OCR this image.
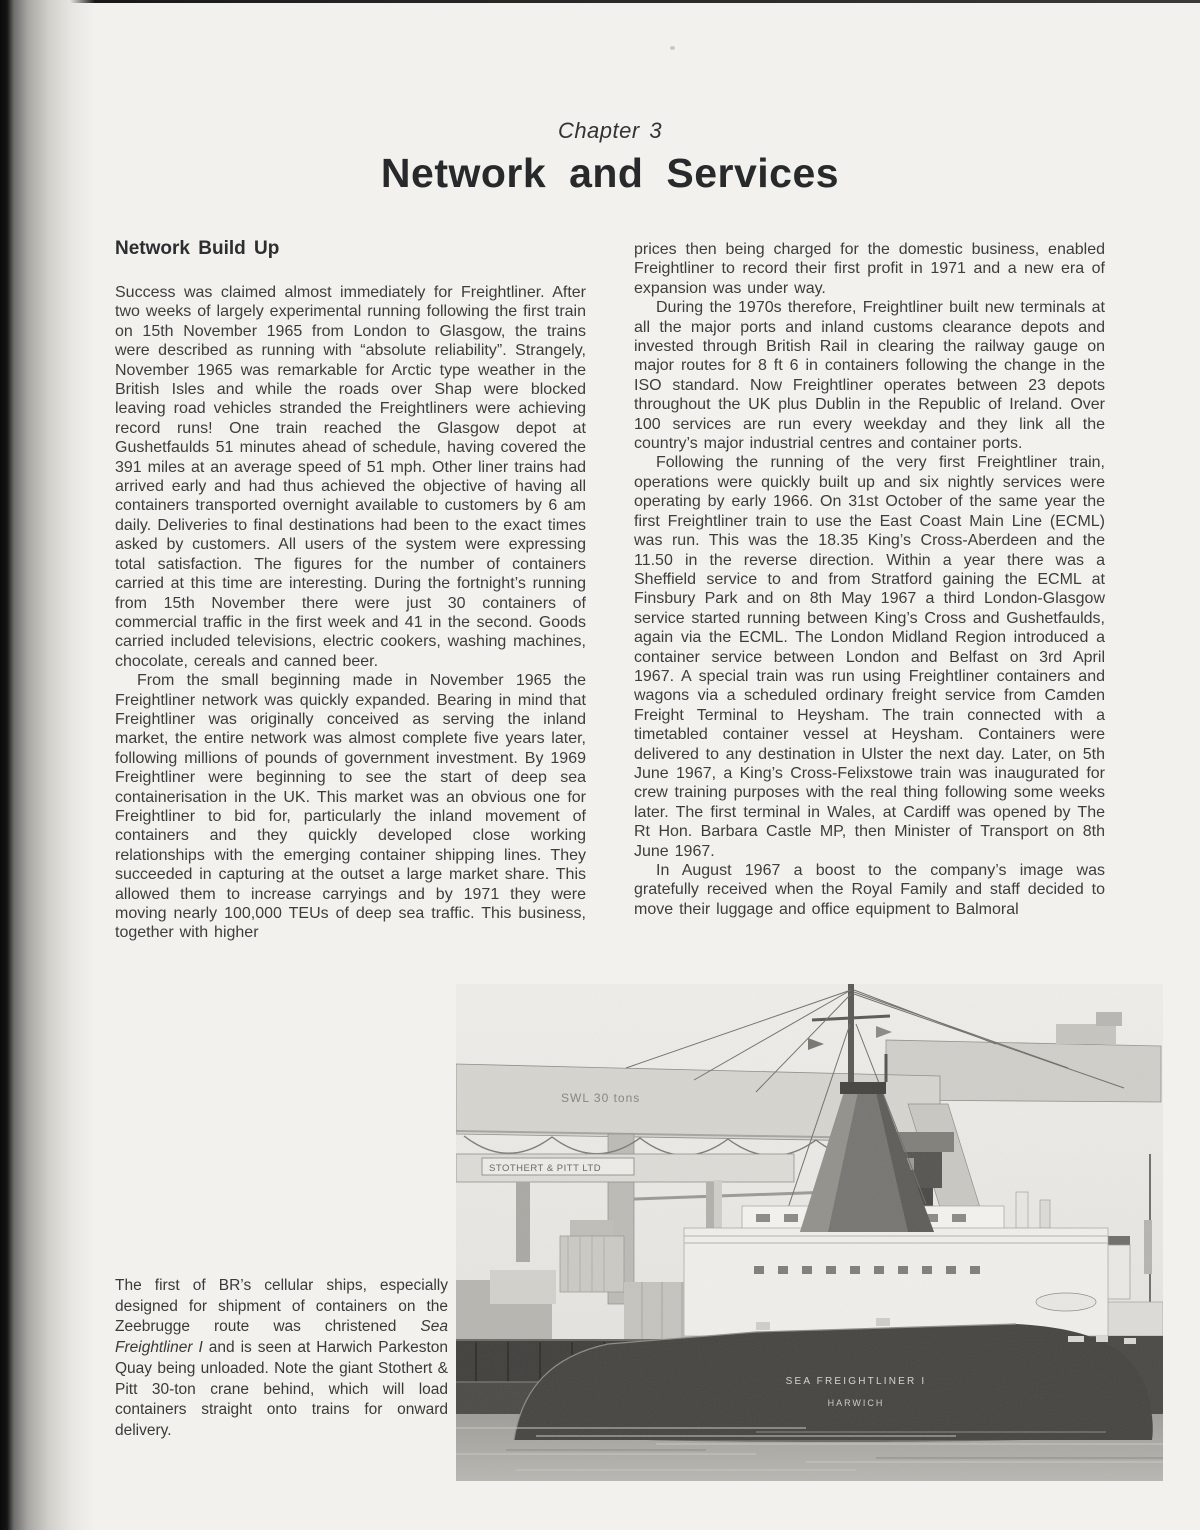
Chapter 3
Network and Services
Network Build Up

Success was claimed almost immediately for Freightliner. After two weeks of largely experimental running following the first train on 15th November 1965 from London to Glasgow, the trains were described as running with “absolute reliability”. Strangely, November 1965 was remarkable for Arctic type weather in the British Isles and while the roads over Shap were blocked leaving road vehicles stranded the Freightliners were achieving record runs! One train reached the Glasgow depot at Gushetfaulds 51 minutes ahead of schedule, having covered the 391 miles at an average speed of 51 mph. Other liner trains had arrived early and had thus achieved the objective of having all containers transported overnight available to customers by 6 am daily. Deliveries to final destinations had been to the exact times asked by customers. All users of the system were expressing total satisfaction. The figures for the number of containers carried at this time are interesting. During the fortnight’s running from 15th November there were just 30 containers of commercial traffic in the first week and 41 in the second. Goods carried included televisions, electric cookers, washing machines, chocolate, cereals and canned beer.

From the small beginning made in November 1965 the Freightliner network was quickly expanded. Bearing in mind that Freightliner was originally conceived as serving the inland market, the entire network was almost complete five years later, following millions of pounds of government investment. By 1969 Freightliner were beginning to see the start of deep sea containerisation in the UK. This market was an obvious one for Freightliner to bid for, particularly the inland movement of containers and they quickly developed close working relationships with the emerging container shipping lines. They succeeded in capturing at the outset a large market share. This allowed them to increase carryings and by 1971 they were moving nearly 100,000 TEUs of deep sea traffic. This business, together with higher

prices then being charged for the domestic business, enabled Freightliner to record their first profit in 1971 and a new era of expansion was under way.

During the 1970s therefore, Freightliner built new terminals at all the major ports and inland customs clearance depots and invested through British Rail in clearing the railway gauge on major routes for 8 ft 6 in containers following the change in the ISO standard. Now Freightliner operates between 23 depots throughout the UK plus Dublin in the Republic of Ireland. Over 100 services are run every weekday and they link all the country’s major industrial centres and container ports.

Following the running of the very first Freightliner train, operations were quickly built up and six nightly services were operating by early 1966. On 31st October of the same year the first Freightliner train to use the East Coast Main Line (ECML) was run. This was the 18.35 King’s Cross-Aberdeen and the 11.50 in the reverse direction. Within a year there was a Sheffield service to and from Stratford gaining the ECML at Finsbury Park and on 8th May 1967 a third London-Glasgow service started running between King’s Cross and Gushetfaulds, again via the ECML. The London Midland Region introduced a container service between London and Belfast on 3rd April 1967. A special train was run using Freightliner containers and wagons via a scheduled ordinary freight service from Camden Freight Terminal to Heysham. The train connected with a timetabled container vessel at Heysham. Containers were delivered to any destination in Ulster the next day. Later, on 5th June 1967, a King’s Cross-Felixstowe train was inaugurated for crew training purposes with the real thing following some weeks later. The first terminal in Wales, at Cardiff was opened by The Rt Hon. Barbara Castle MP, then Minister of Transport on 8th June 1967.

In August 1967 a boost to the company’s image was gratefully received when the Royal Family and staff decided to move their luggage and office equipment to Balmoral

SWL 30 tons
STOTHERT & PITT LTD
SEA FREIGHTLINER I
HARWICH

The first of BR’s cellular ships, especially designed for shipment of containers on the Zeebrugge route was christened Sea Freightliner I and is seen at Harwich Parkeston Quay being unloaded. Note the giant Stothert & Pitt 30-ton crane behind, which will load containers straight onto trains for onward delivery.
